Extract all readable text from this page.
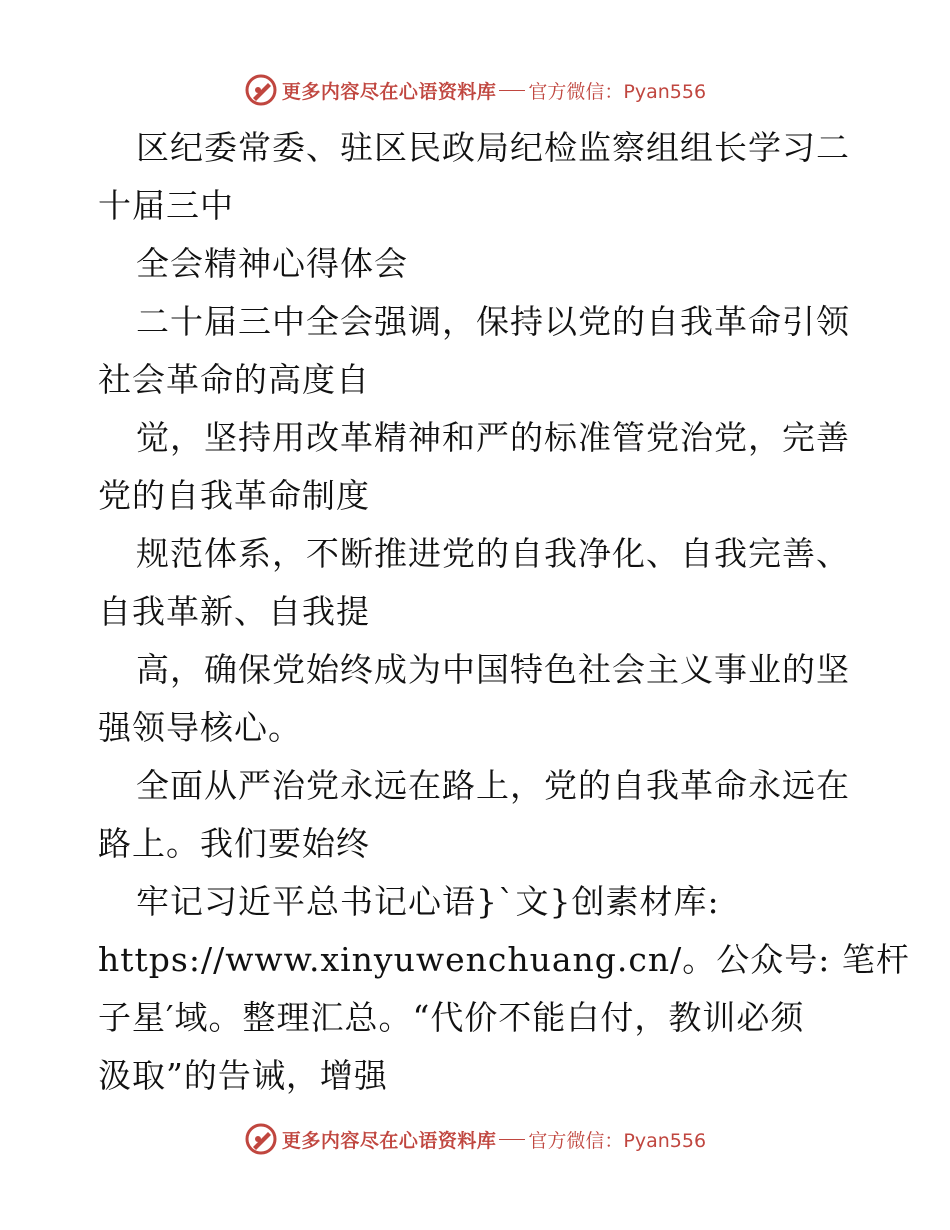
更多内容尽在心语资料库 官方微信：Pyan556
区纪委常委、驻区民政局纪检监察组组长学习二
十届三中
全会精神心得体会
二十届三中全会强调，保持以党的自我革命引领
社会革命的高度自
觉，坚持用改革精神和严的标准管党治党，完善
党的自我革命制度
规范体系，不断推进党的自我净化、自我完善、
自我革新、自我提
高，确保党始终成为中国特色社会主义事业的坚
强领导核心。
全面从严治党永远在路上，党的自我革命永远在
路上。我们要始终
牢记习近平总书记心语}`文}创素材库:
https://www.xinyuwenchuang.cn/。公众号: 笔杆
子星′域。整理汇总。“代价不能白付，教训必须
汲取”的告诫，增强
更多内容尽在心语资料库 官方微信：Pyan556
